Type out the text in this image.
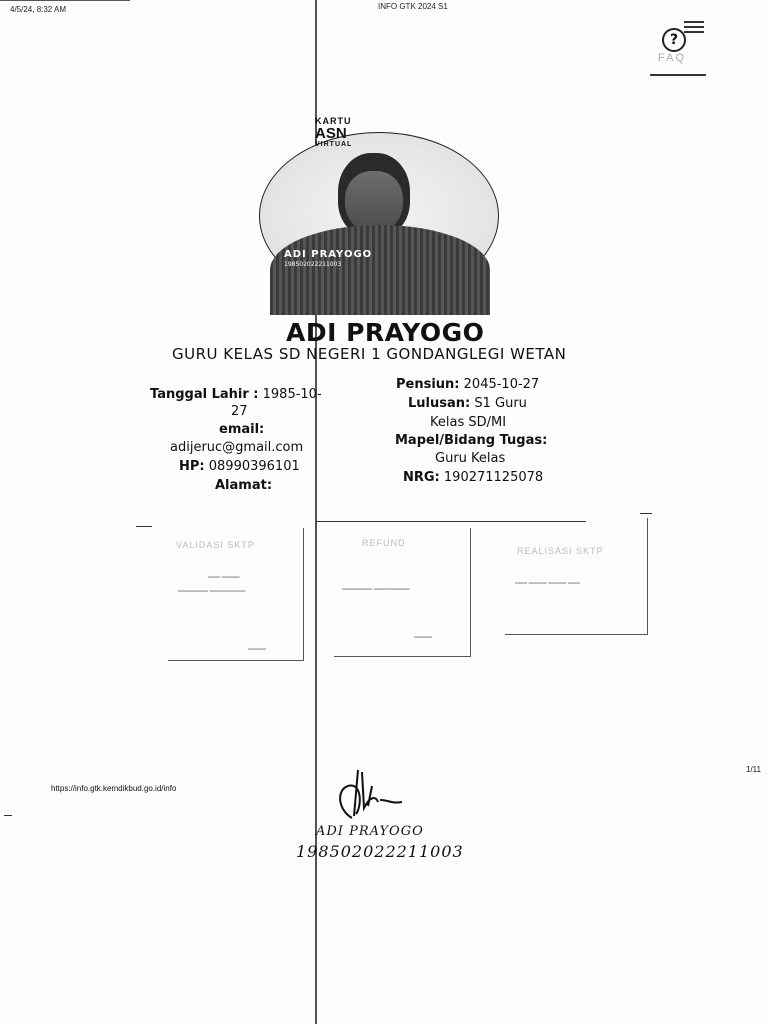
4/5/24, 8:32 AM	INFO GTK 2024 S1
?
FAQ
KARTU
ASN
VIRTUAL
ADI PRAYOGO
198502022211003
ADI PRAYOGO
GURU KELAS SD NEGERI 1 GONDANGLEGI WETAN
Tanggal Lahir : 1985-10-
27
email:
adijeruc@gmail.com
HP: 08990396101
Alamat:
Pensiun: 2045-10-27
Lulusan: S1 Guru
Kelas SD/MI
Mapel/Bidang Tugas:
Guru Kelas
NRG: 190271125078
VALIDASI SKTP
▬▬ ▬▬▬
▬▬▬▬▬ ▬▬▬▬▬▬
▬▬▬
REFUND
▬▬▬▬▬ ▬▬▬▬▬▬
▬▬▬
REALISASI SKTP
▬▬ ▬▬▬ ▬▬▬ ▬▬
https://info.gtk.kemdikbud.go.id/info
1/11
ADI PRAYOGO
198502022211003
